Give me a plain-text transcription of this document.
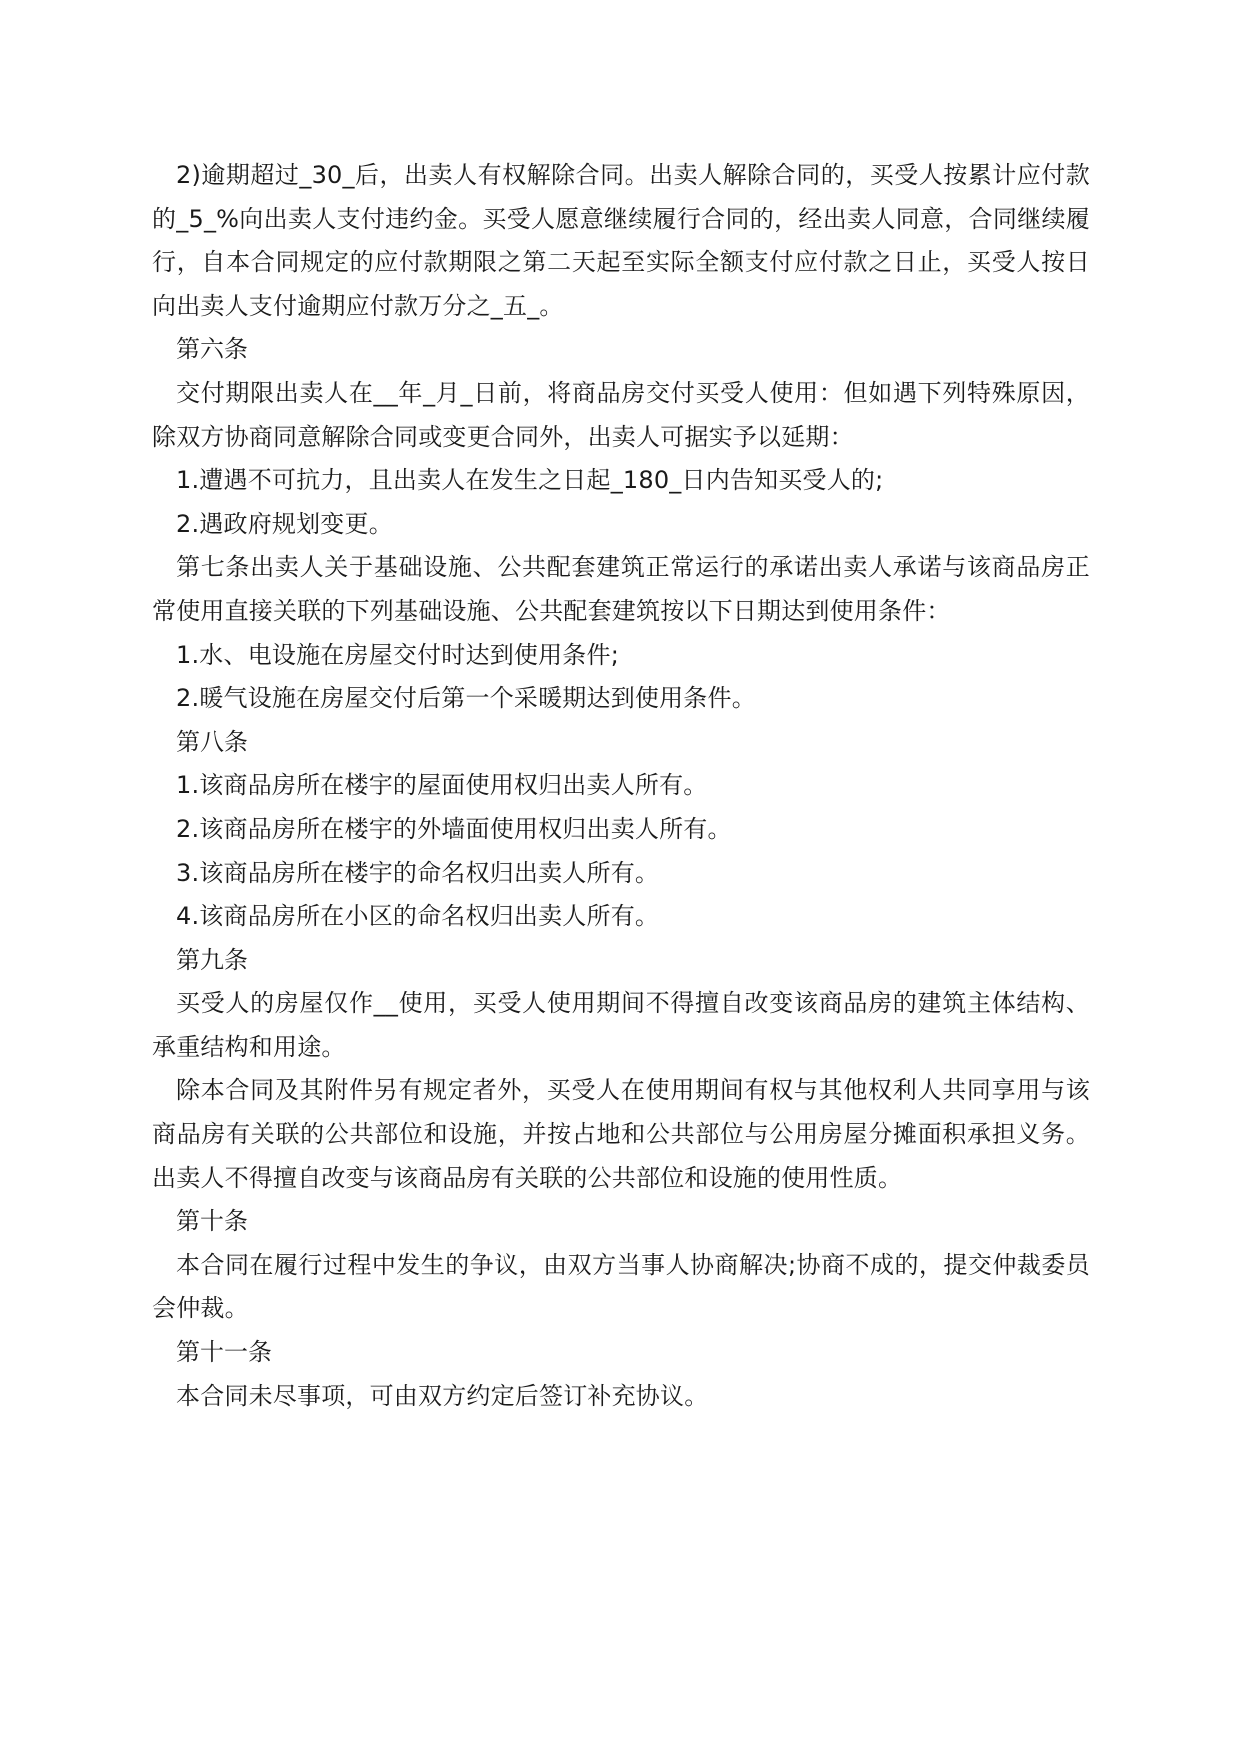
2)逾期超过_30_后，出卖人有权解除合同。出卖人解除合同的，买受人按累计应付款的_5_%向出卖人支付违约金。买受人愿意继续履行合同的，经出卖人同意，合同继续履行，自本合同规定的应付款期限之第二天起至实际全额支付应付款之日止，买受人按日向出卖人支付逾期应付款万分之_五_。

第六条

交付期限出卖人在__年_月_日前，将商品房交付买受人使用：但如遇下列特殊原因，除双方协商同意解除合同或变更合同外，出卖人可据实予以延期：

1.遭遇不可抗力，且出卖人在发生之日起_180_日内告知买受人的;

2.遇政府规划变更。

第七条出卖人关于基础设施、公共配套建筑正常运行的承诺出卖人承诺与该商品房正常使用直接关联的下列基础设施、公共配套建筑按以下日期达到使用条件：

1.水、电设施在房屋交付时达到使用条件;

2.暖气设施在房屋交付后第一个采暖期达到使用条件。

第八条

1.该商品房所在楼宇的屋面使用权归出卖人所有。

2.该商品房所在楼宇的外墙面使用权归出卖人所有。

3.该商品房所在楼宇的命名权归出卖人所有。

4.该商品房所在小区的命名权归出卖人所有。

第九条

买受人的房屋仅作__使用，买受人使用期间不得擅自改变该商品房的建筑主体结构、承重结构和用途。

除本合同及其附件另有规定者外，买受人在使用期间有权与其他权利人共同享用与该商品房有关联的公共部位和设施，并按占地和公共部位与公用房屋分摊面积承担义务。出卖人不得擅自改变与该商品房有关联的公共部位和设施的使用性质。

第十条

本合同在履行过程中发生的争议，由双方当事人协商解决;协商不成的，提交仲裁委员会仲裁。

第十一条

本合同未尽事项，可由双方约定后签订补充协议。
